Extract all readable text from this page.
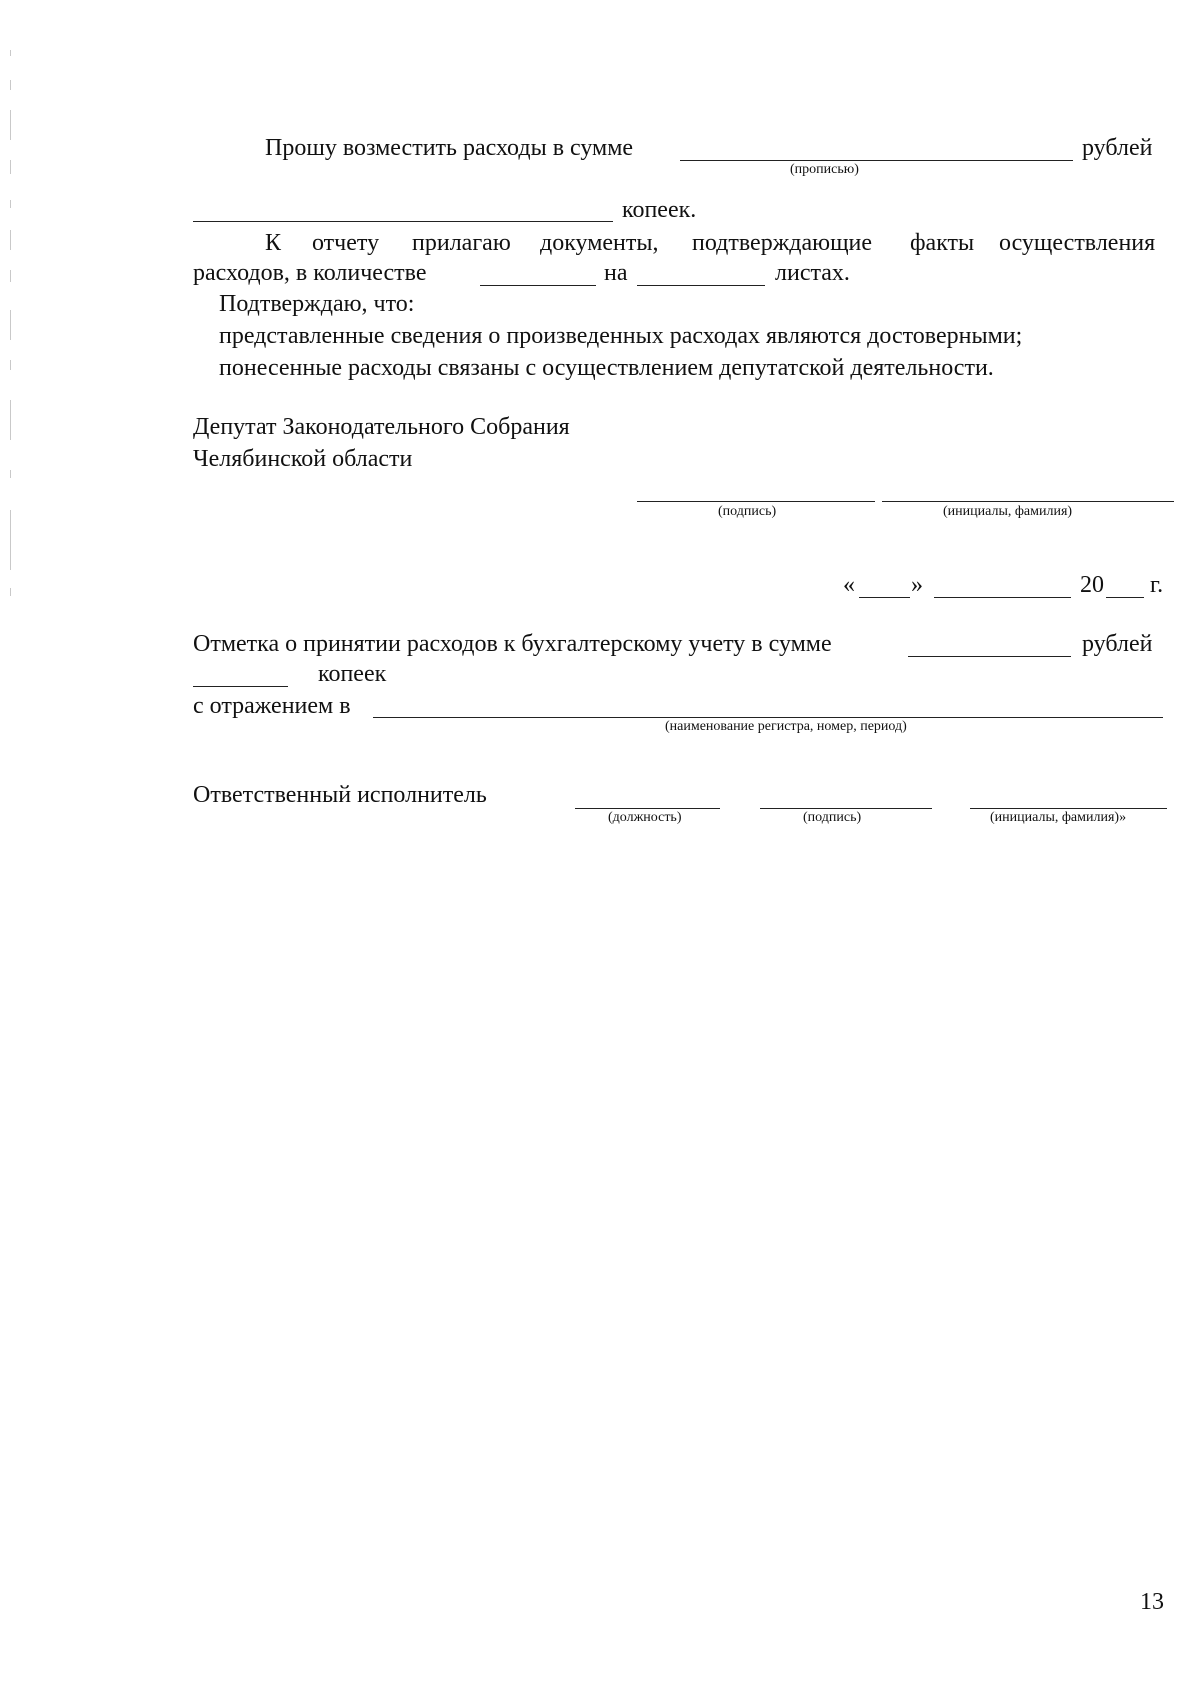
Прошу возместить расходы в сумме
(прописью)
рублей
копеек.
К отчету прилагаю документы, подтверждающие факты осуществления
расходов, в количестве	на	листах.
Подтверждаю, что:
представленные сведения о произведенных расходах являются достоверными;
понесенные расходы связаны с осуществлением депутатской деятельности.
Депутат Законодательного Собрания
Челябинской области
(подпись)	(инициалы, фамилия)
« »	20 г.
Отметка о принятии расходов к бухгалтерскому учету в сумме	рублей
копеек
с отражением в
(наименование регистра, номер, период)
Ответственный исполнитель
(должность)	(подпись)	(инициалы, фамилия)»
13
